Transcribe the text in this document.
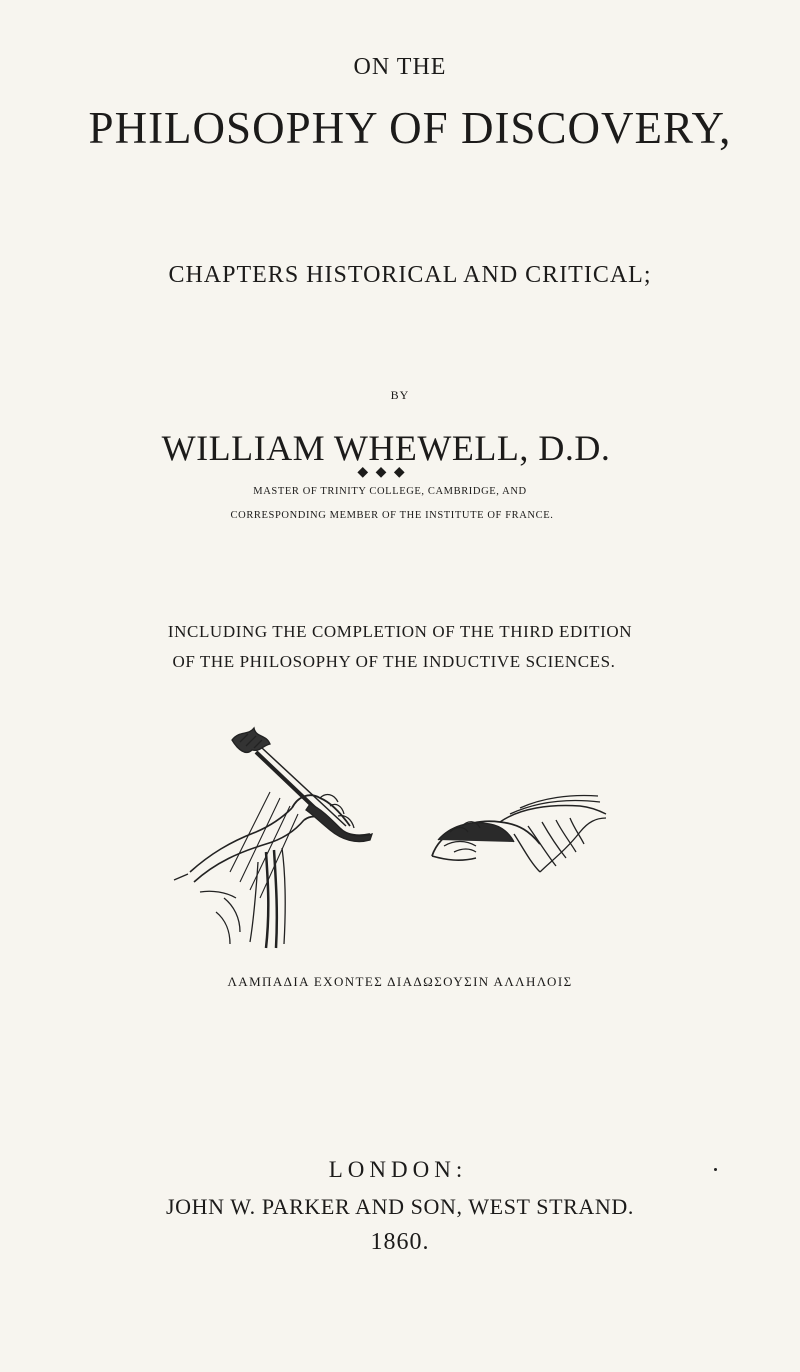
ON THE
PHILOSOPHY OF DISCOVERY,
CHAPTERS HISTORICAL AND CRITICAL;
BY
WILLIAM WHEWELL, D.D.
◆ ◆ ◆
MASTER OF TRINITY COLLEGE, CAMBRIDGE, AND
CORRESPONDING MEMBER OF THE INSTITUTE OF FRANCE.
INCLUDING THE COMPLETION OF THE THIRD EDITION
OF THE PHILOSOPHY OF THE INDUCTIVE SCIENCES.
ΛΑΜΠΑΔΙΑ ΕΧΟΝΤΕΣ ΔΙΑΔΩΣΟΥΣΙΝ ΑΛΛΗΛΟΙΣ
LONDON:
JOHN W. PARKER AND SON, WEST STRAND.
1860.
